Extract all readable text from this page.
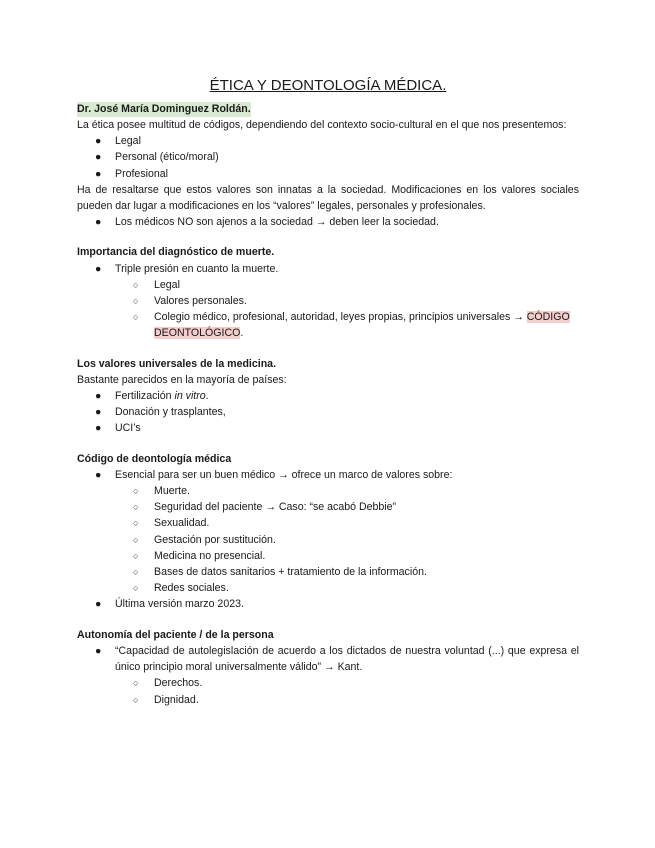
ÉTICA Y DEONTOLOGÍA MÉDICA.
Dr. José María Dominguez Roldán.

La ética posee multitud de códigos, dependiendo del contexto socio-cultural en el que nos presentemos:

● Legal
● Personal (ético/moral)
● Profesional

Ha de resaltarse que estos valores son innatas a la sociedad. Modificaciones en los valores sociales pueden dar lugar a modificaciones en los “valores” legales, personales y profesionales.

● Los médicos NO son ajenos a la sociedad → deben leer la sociedad.
Importancia del diagnóstico de muerte.
● Triple presión en cuanto la muerte.
○ Legal
○ Valores personales.
○ Colegio médico, profesional, autoridad, leyes propias, principios universales → CÓDIGO DEONTOLÓGICO.
Los valores universales de la medicina.

Bastante parecidos en la mayoría de países:

● Fertilización in vitro.
● Donación y trasplantes,
● UCI’s
Código de deontología médica
● Esencial para ser un buen médico → ofrece un marco de valores sobre:
○ Muerte.
○ Seguridad del paciente → Caso: “se acabó Debbie”
○ Sexualidad.
○ Gestación por sustitución.
○ Medicina no presencial.
○ Bases de datos sanitarios + tratamiento de la información.
○ Redes sociales.
● Última versión marzo 2023.
Autonomía del paciente / de la persona
● “Capacidad de autolegislación de acuerdo a los dictados de nuestra voluntad (...) que expresa el único principio moral universalmente válido” → Kant.
○ Derechos.
○ Dignidad.
